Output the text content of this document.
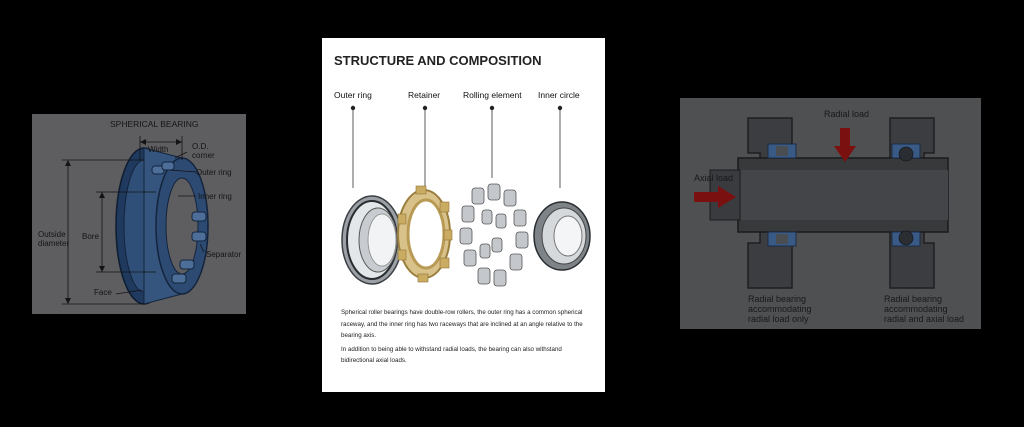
SPHERICAL BEARING
Width	O.D.
corner
Outer ring
Inner ring
Outside
diameter
Bore
Separator
Face
STRUCTURE AND COMPOSITION
Outer ring	Retainer	Rolling element Inner circle

Spherical roller bearings have double-row rollers, the outer ring has a common spherical raceway, and the inner ring has two raceways that are inclined at an angle relative to the bearing axis.

In addition to being able to withstand radial loads, the bearing can also withstand bidirectional axial loads.

Radial load
Axial load
Radial bearing
accommodating
radial load only
Radial bearing
accommodating
radial and axial load
